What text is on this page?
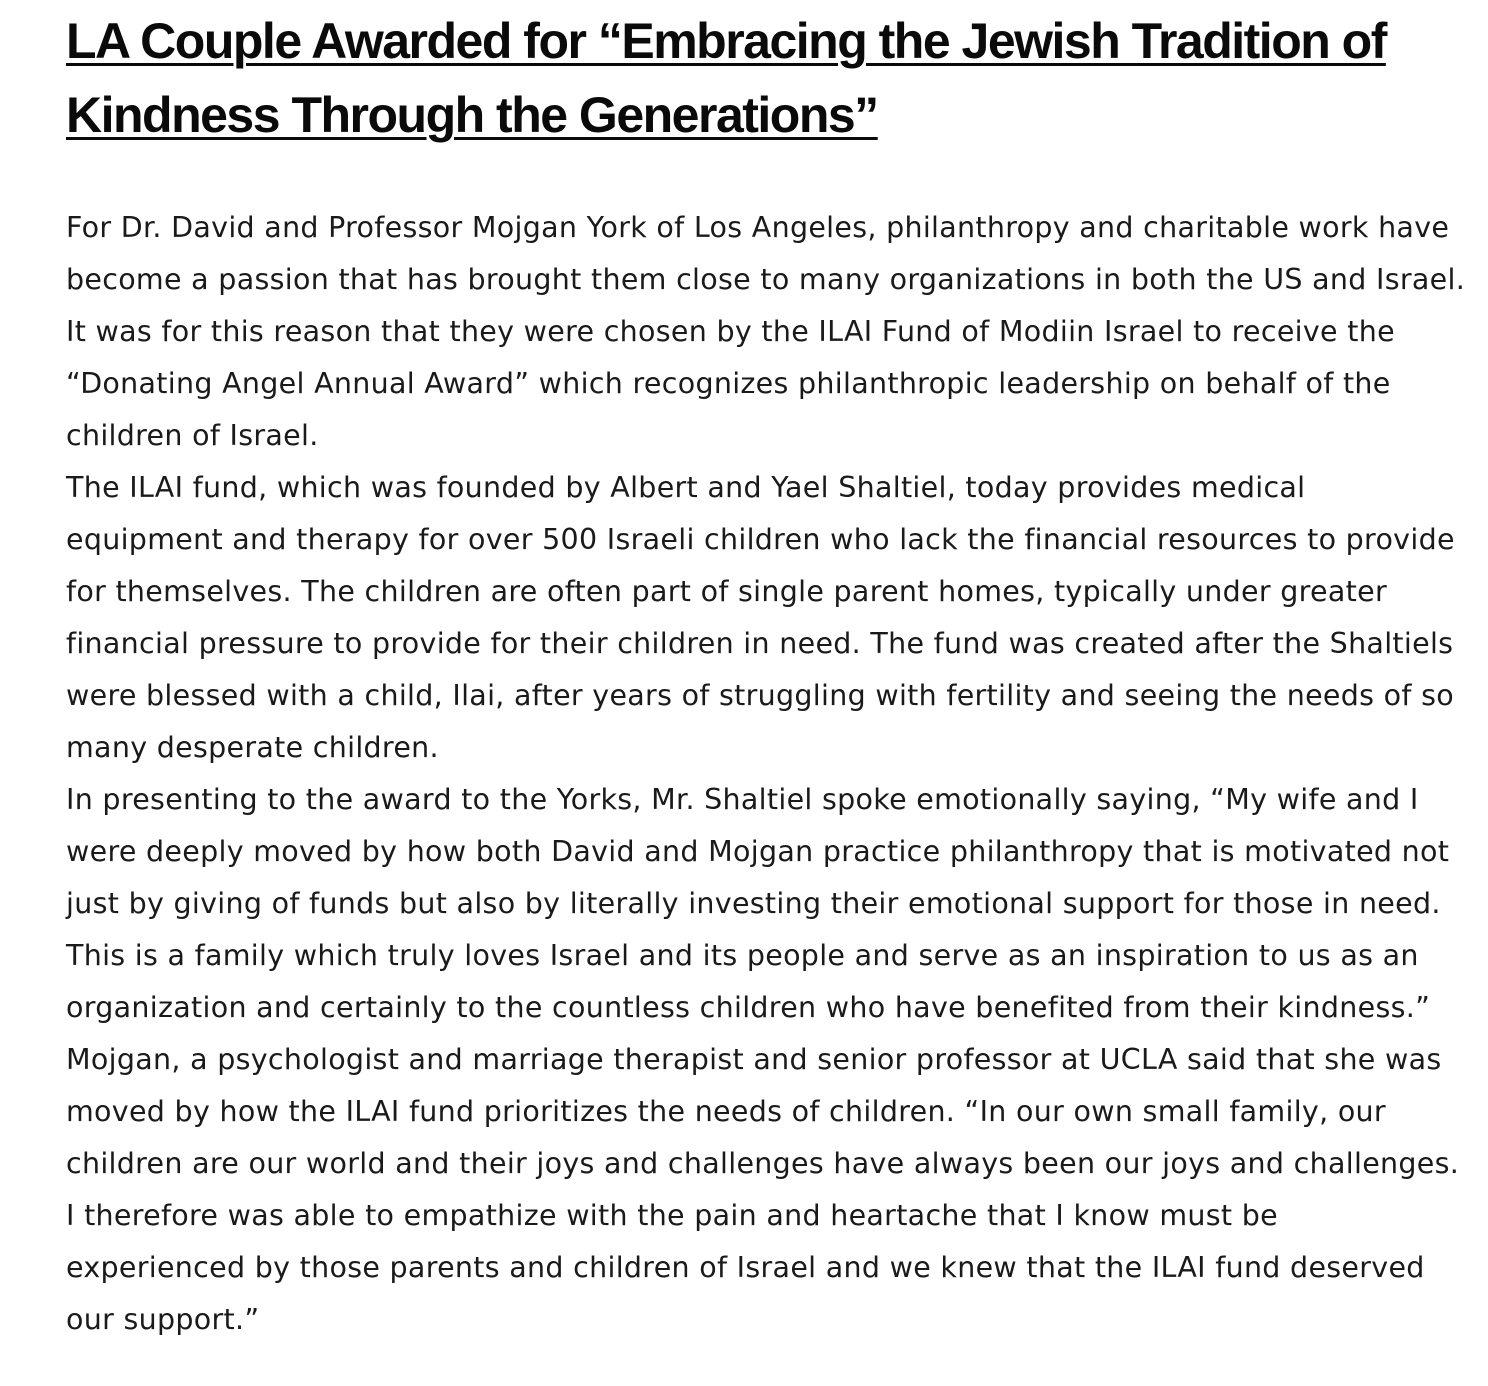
LA Couple Awarded for “Embracing the Jewish Tradition of Kindness Through the Generations”

For Dr. David and Professor Mojgan York of Los Angeles, philanthropy and charitable work have become a passion that has brought them close to many organizations in both the US and Israel. It was for this reason that they were chosen by the ILAI Fund of Modiin Israel to receive the “Donating Angel Annual Award” which recognizes philanthropic leadership on behalf of the children of Israel.

The ILAI fund, which was founded by Albert and Yael Shaltiel, today provides medical equipment and therapy for over 500 Israeli children who lack the financial resources to provide for themselves. The children are often part of single parent homes, typically under greater financial pressure to provide for their children in need. The fund was created after the Shaltiels were blessed with a child, Ilai, after years of struggling with fertility and seeing the needs of so many desperate children.

In presenting to the award to the Yorks, Mr. Shaltiel spoke emotionally saying, “My wife and I were deeply moved by how both David and Mojgan practice philanthropy that is motivated not just by giving of funds but also by literally investing their emotional support for those in need. This is a family which truly loves Israel and its people and serve as an inspiration to us as an organization and certainly to the countless children who have benefited from their kindness.”

Mojgan, a psychologist and marriage therapist and senior professor at UCLA said that she was moved by how the ILAI fund prioritizes the needs of children. “In our own small family, our children are our world and their joys and challenges have always been our joys and challenges. I therefore was able to empathize with the pain and heartache that I know must be experienced by those parents and children of Israel and we knew that the ILAI fund deserved our support.”
